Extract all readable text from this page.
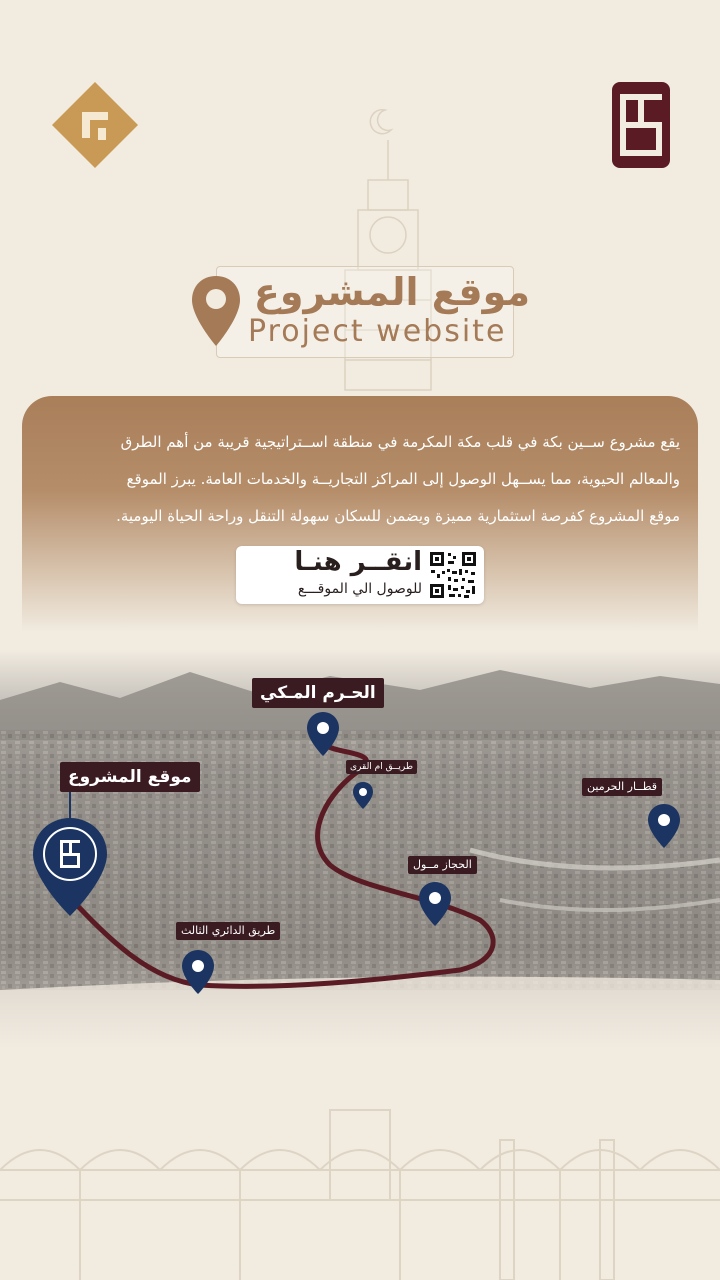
موقع المشروع
Project website
يقع مشروع ســين بكة في قلب مكة المكرمة في منطقة اســتراتيجية قريبة من أهم الطرق
والمعالم الحيوية، مما يســهل الوصول إلى المراكز التجاريــة والخدمات العامة. يبرز الموقع
موقع المشروع كفرصة استثمارية مميزة ويضمن للسكان سهولة التنقل وراحة الحياة اليومية.
انقــر هنـا
للوصول الي الموقـــع
موقع المشروع
الحـرم المـكي
طريــق ام القرى
قطــار الحرمين
الحجاز مــول
طريق الدائري الثالث
